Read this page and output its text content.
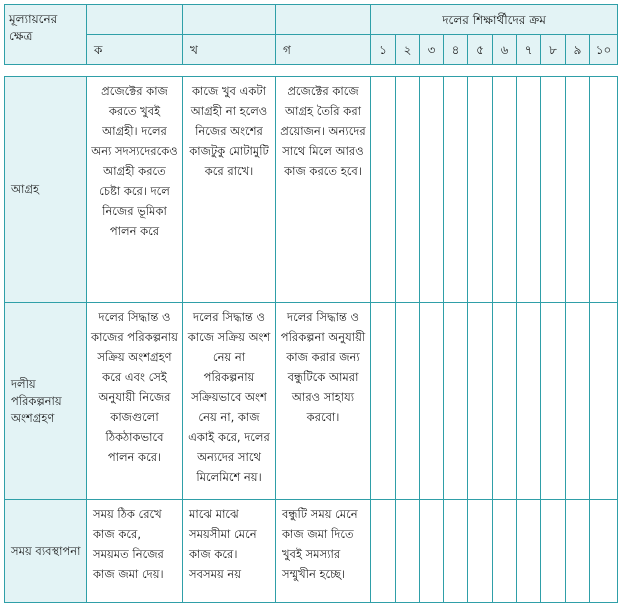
মূল্যায়নের ক্ষেত্র				দলের শিক্ষার্থীদের ক্রম									
	ক	খ	গ	১	২	৩	৪	৫	৬	৭	৮	৯	১০
আগ্রহ	প্রজেক্টের কাজ করতে খুবই আগ্রহী। দলের অন্য সদস্যদেরকেও আগ্রহী করতে চেষ্টা করে। দলে নিজের ভূমিকা পালন করে	কাজে খুব একটা আগ্রহী না হলেও নিজের অংশের কাজটুকু মোটামুটি করে রাখে।	প্রজেক্টের কাজে আগ্রহ তৈরি করা প্রয়োজন। অন্যদের সাথে মিলে আরও কাজ করতে হবে।										
দলীয় পরিকল্পনায় অংশগ্রহণ	দলের সিদ্ধান্ত ও কাজের পরিকল্পনায় সক্রিয় অংশগ্রহণ করে এবং সেই অনুযায়ী নিজের কাজগুলো ঠিকঠাকভাবে পালন করে।	দলের সিদ্ধান্ত ও কাজে সক্রিয় অংশ নেয় না পরিকল্পনায় সক্রিয়ভাবে অংশ নেয় না, কাজ একাই করে, দলের অন্যদের সাথে মিলেমিশে নয়।	দলের সিদ্ধান্ত ও পরিকল্পনা অনুযায়ী কাজ করার জন্য বন্ধুটিকে আমরা আরও সাহায্য করবো।										
সময় ব্যবস্থাপনা	সময় ঠিক রেখে কাজ করে, সময়মত নিজের কাজ জমা দেয়।	মাঝে মাঝে সময়সীমা মেনে কাজ করে। সবসময় নয়	বন্ধুটি সময় মেনে কাজ জমা দিতে খুবই সমস্যার সম্মুখীন হচ্ছে।										
